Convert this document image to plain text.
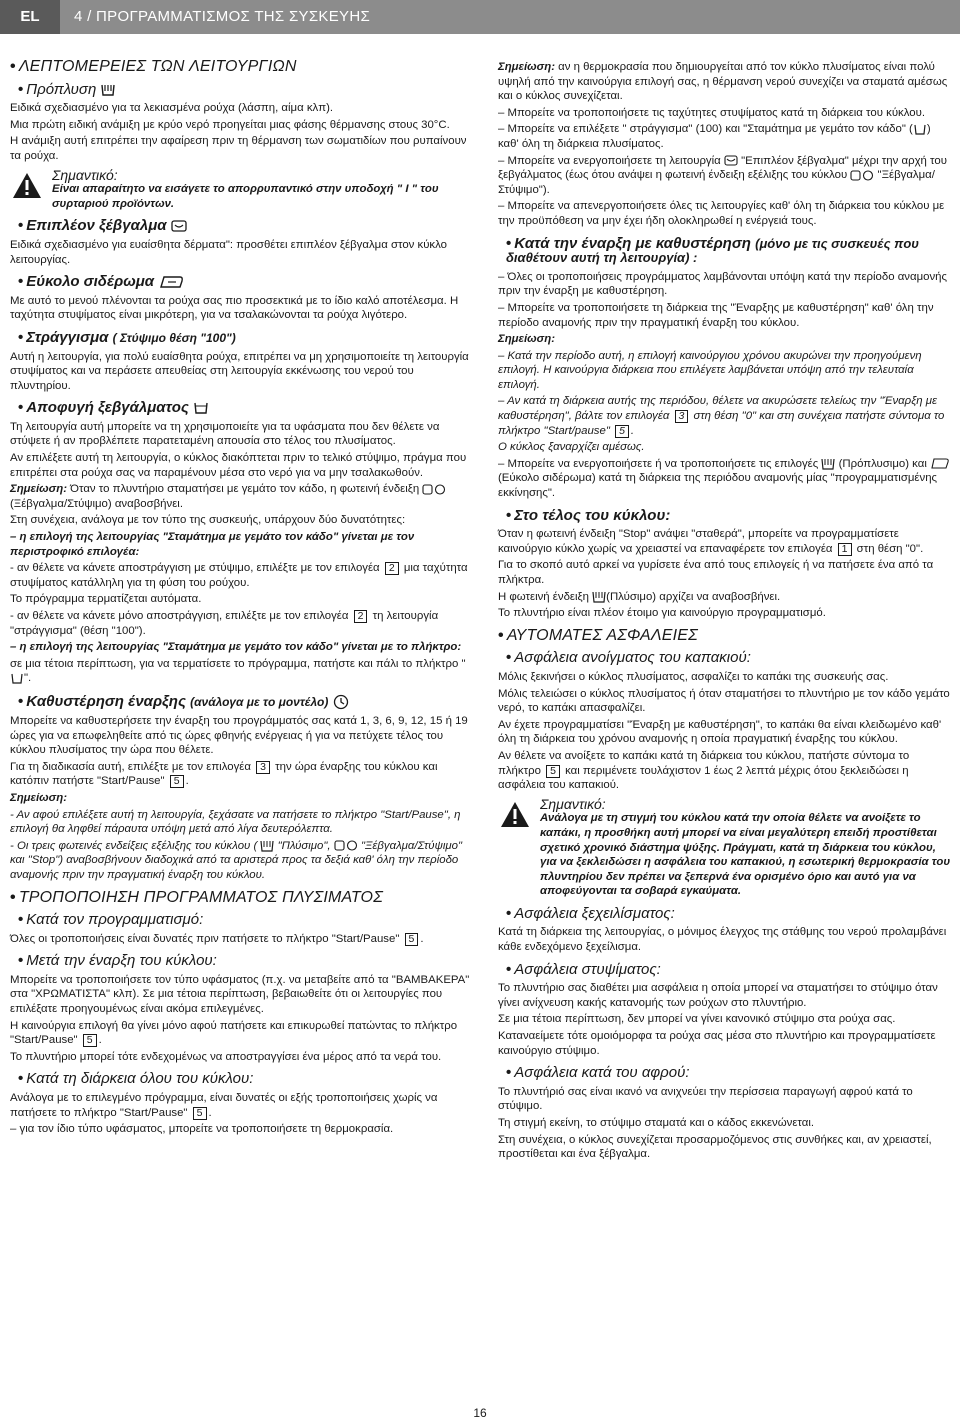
EL	4 / ΠΡΟΓΡΑΜΜΑΤΙΣΜΟΣ ΤΗΣ ΣΥΣΚΕΥΗΣ
• ΛΕΠΤΟΜΕΡΕΙΕΣ ΤΩΝ ΛΕΙΤΟΥΡΓΙΩΝ
• Πρόπλυση

Ειδικά σχεδιασμένο για τα λεκιασμένα ρούχα (λάσπη, αίμα κλπ).

Μια πρώτη ειδική ανάμιξη με κρύο νερό προηγείται μιας φάσης θέρμανσης στους 30°C.

Η ανάμιξη αυτή επιτρέπει την αφαίρεση πριν τη θέρμανση των σωματιδίων που ρυπαίνουν τα ρούχα.

Σημαντικό:
Είναι απαραίτητο να εισάγετε το απορρυπαντικό στην υποδοχή " I " του συρταριού προϊόντων.
• Επιπλέον ξέβγαλμα

Ειδικά σχεδιασμένο για ευαίσθητα δέρματα": προσθέτει επιπλέον ξέβγαλμα στον κύκλο λειτουργίας.

• Εύκολο σιδέρωμα

Με αυτό το μενού πλένονται τα ρούχα σας πιο προσεκτικά με το ίδιο καλό αποτέλεσμα. Η ταχύτητα στυψίματος είναι μικρότερη, για να τσαλακώνονται τα ρούχα λιγότερο.

• Στράγγισμα ( Στύψιμο θέση "100")

Αυτή η λειτουργία, για πολύ ευαίσθητα ρούχα, επιτρέπει να μη χρησιμοποιείτε τη λειτουργία στυψίματος και να περάσετε απευθείας στη λειτουργία εκκένωσης του νερού του πλυντηρίου.

• Αποφυγή ξεβγάλματος

Τη λειτουργία αυτή μπορείτε να τη χρησιμοποιείτε για τα υφάσματα που δεν θέλετε να στύψετε ή αν προβλέπετε παρατεταμένη απουσία στο τέλος του πλυσίματος.

Αν επιλέξετε αυτή τη λειτουργία, ο κύκλος διακόπτεται πριν το τελικό στύψιμο, πράγμα που επιτρέπει στα ρούχα σας να παραμένουν μέσα στο νερό για να μην τσαλακωθούν.

Σημείωση: Όταν το πλυντήριο σταματήσει με γεμάτο τον κάδο, η φωτεινή ένδειξη  (Ξέβγαλμα/Στύψιμο) αναβοσβήνει.

Στη συνέχεια, ανάλογα με τον τύπο της συσκευής, υπάρχουν δύο δυνατότητες:

– η επιλογή της λειτουργίας "Σταμάτημα με γεμάτο τον κάδο" γίνεται με τον περιστροφικό επιλογέα:

- αν θέλετε να κάνετε αποστράγγιση με στύψιμο, επιλέξτε με τον επιλογέα 2 μια ταχύτητα στυψίματος κατάλληλη για τη φύση του ρούχου.

Το πρόγραμμα τερματίζεται αυτόματα.

- αν θέλετε να κάνετε μόνο αποστράγγιση, επιλέξτε με τον επιλογέα 2 τη λειτουργία "στράγγισμα" (θέση "100").

– η επιλογή της λειτουργίας "Σταμάτημα με γεμάτο τον κάδο" γίνεται με το πλήκτρο:

σε μια τέτοια περίπτωση, για να τερματίσετε το πρόγραμμα, πατήστε και πάλι το πλήκτρο "".

• Καθυστέρηση έναρξης (ανάλογα με το μοντέλο)

Μπορείτε να καθυστερήσετε την έναρξη του προγράμματός σας κατά 1, 3, 6, 9, 12, 15 ή 19 ώρες για να επωφεληθείτε από τις ώρες φθηνής ενέργειας ή για να πετύχετε τέλος του κύκλου πλυσίματος την ώρα που θέλετε.

Για τη διαδικασία αυτή, επιλέξτε με τον επιλογέα 3 την ώρα έναρξης του κύκλου και κατόπιν πατήστε "Start/Pause" 5 .

Σημείωση:

- Αν αφού επιλέξετε αυτή τη λειτουργία, ξεχάσατε να πατήσετε το πλήκτρο "Start/Pause", η επιλογή θα ληφθεί πάραυτα υπόψη μετά από λίγα δευτερόλεπτα.

- Οι τρεις φωτεινές ενδείξεις εξέλιξης του κύκλου ( "Πλύσιμο",	"Ξέβγαλμα/Στύψιμο" και "Stop") αναβοσβήνουν διαδοχικά από τα αριστερά προς τα δεξιά καθ' όλη την περίοδο αναμονής πριν την πραγματική έναρξη του κύκλου.

• ΤΡΟΠΟΠΟΙΗΣΗ ΠΡΟΓΡΑΜΜΑΤΟΣ ΠΛΥΣΙΜΑΤΟΣ
• Κατά τον προγραμματισμό:

Όλες οι τροποποιήσεις είναι δυνατές πριν πατήσετε το πλήκτρο "Start/Pause" 5 .

• Μετά την έναρξη του κύκλου:

Μπορείτε να τροποποιήσετε τον τύπο υφάσματος (π.χ. να μεταβείτε από τα "ΒΑΜΒΑΚΕΡΑ" στα "ΧΡΩΜΑΤΙΣΤΑ" κλπ). Σε μια τέτοια περίπτωση, βεβαιωθείτε ότι οι λειτουργίες που επιλέξατε προηγουμένως είναι ακόμα επιλεγμένες.

Η καινούργια επιλογή θα γίνει μόνο αφού πατήσετε και επικυρωθεί πατώντας το πλήκτρο "Start/Pause" 5 .

Το πλυντήριο μπορεί τότε ενδεχομένως να αποστραγγίσει ένα μέρος από τα νερά του.

• Κατά τη διάρκεια όλου του κύκλου:

Ανάλογα με το επιλεγμένο πρόγραμμα, είναι δυνατές οι εξής τροποποιήσεις χωρίς να πατήσετε το πλήκτρο "Start/Pause" 5 .

– για τον ίδιο τύπο υφάσματος, μπορείτε να τροποποιήσετε τη θερμοκρασία.

Σημείωση: αν η θερμοκρασία που δημιουργείται από τον κύκλο πλυσίματος είναι πολύ υψηλή από την καινούργια επιλογή σας, η θέρμανση νερού συνεχίζει να σταματά αμέσως και ο κύκλος συνεχίζεται.

– Μπορείτε να τροποποιήσετε τις ταχύτητες στυψίματος κατά τη διάρκεια του κύκλου.

– Μπορείτε να επιλέξετε " στράγγισμα" (100) και "Σταμάτημα με γεμάτο τον κάδο" ( ) καθ' όλη τη διάρκεια πλυσίματος.

– Μπορείτε να ενεργοποιήσετε τη λειτουργία "Επιπλέον ξέβγαλμα" μέχρι την αρχή του ξεβγάλματος (έως ότου ανάψει η φωτεινή ένδειξη εξέλιξης του κύκλου	"Ξέβγαλμα/ Στύψιμο").

– Μπορείτε να απενεργοποιήσετε όλες τις λειτουργίες καθ' όλη τη διάρκεια του κύκλου με την προϋπόθεση να μην έχει ήδη ολοκληρωθεί η ενέργειά τους.

• Κατά την έναρξη με καθυστέρηση (μόνο με τις συσκευές που διαθέτουν αυτή τη λειτουργία) :

– Όλες οι τροποποιήσεις προγράμματος λαμβάνονται υπόψη κατά την περίοδο αναμονής πριν την έναρξη με καθυστέρηση.

– Μπορείτε να τροποποιήσετε τη διάρκεια της "Έναρξης με καθυστέρηση" καθ' όλη την περίοδο αναμονής πριν την πραγματική έναρξη του κύκλου.

Σημείωση:

– Κατά την περίοδο αυτή, η επιλογή καινούργιου χρόνου ακυρώνει την προηγούμενη επιλογή. Η καινούργια διάρκεια που επιλέγετε λαμβάνεται υπόψη από την τελευταία επιλογή.

– Αν κατά τη διάρκεια αυτής της περιόδου, θέλετε να ακυρώσετε τελείως την "Έναρξη με καθυστέρηση", βάλτε τον επιλογέα 3 στη θέση "0" και στη συνέχεια πατήστε σύντομα το πλήκτρο "Start/pause" 5 .

Ο κύκλος ξαναρχίζει αμέσως.

– Μπορείτε να ενεργοποιήσετε ή να τροποποιήσετε τις επιλογές (Πρόπλυσιμο) και  (Εύκολο σιδέρωμα) κατά τη διάρκεια της περιόδου αναμονής μίας "προγραμματισμένης εκκίνησης".

• Στο τέλος του κύκλου:

Όταν η φωτεινή ένδειξη "Stop" ανάψει "σταθερά", μπορείτε να προγραμματίσετε καινούργιο κύκλο χωρίς να χρειαστεί να επαναφέρετε τον επιλογέα 1 στη θέση "0".

Για το σκοπό αυτό αρκεί να γυρίσετε ένα από τους επιλογείς ή να πατήσετε ένα από τα πλήκτρα.

Η φωτεινή ένδειξη (Πλύσιμο) αρχίζει να αναβοσβήνει.

Το πλυντήριο είναι πλέον έτοιμο για καινούργιο προγραμματισμό.

• ΑΥΤΟΜΑΤΕΣ ΑΣΦΑΛΕΙΕΣ
• Ασφάλεια ανοίγματος του καπακιού:

Μόλις ξεκινήσει ο κύκλος πλυσίματος, ασφαλίζει το καπάκι της συσκευής σας.

Μόλις τελειώσει ο κύκλος πλυσίματος ή όταν σταματήσει το πλυντήριο με τον κάδο γεμάτο νερό, το καπάκι απασφαλίζει.

Αν έχετε προγραμματίσει "Έναρξη με καθυστέρηση", το καπάκι θα είναι κλειδωμένο καθ' όλη τη διάρκεια του χρόνου αναμονής η οποία πραγματική έναρξης του κύκλου.

Αν θέλετε να ανοίξετε το καπάκι κατά τη διάρκεια του κύκλου, πατήστε σύντομα το πλήκτρο 5 και περιμένετε τουλάχιστον 1 έως 2 λεπτά μέχρις ότου ξεκλειδώσει η ασφάλεια του καπακιού.

Σημαντικό:
Ανάλογα με τη στιγμή του κύκλου κατά την οποία θέλετε να ανοίξετε το καπάκι, η προσθήκη αυτή μπορεί να είναι μεγαλύτερη επειδή προστίθεται σχετικό χρονικό διάστημα ψύξης. Πράγματι, κατά τη διάρκεια του κύκλου, για να ξεκλειδώσει η ασφάλεια του καπακιού, η εσωτερική θερμοκρασία του πλυντηρίου δεν πρέπει να ξεπερνά ένα ορισμένο όριο και αυτό για να αποφεύγονται τα σοβαρά εγκαύματα.
• Ασφάλεια ξεχειλίσματος:

Κατά τη διάρκεια της λειτουργίας, ο μόνιμος έλεγχος της στάθμης του νερού προλαμβάνει κάθε ενδεχόμενο ξεχείλισμα.

• Ασφάλεια στυψίματος:

Το πλυντήριο σας διαθέτει μια ασφάλεια η οποία μπορεί να σταματήσει το στύψιμο όταν γίνει ανίχνευση κακής κατανομής των ρούχων στο πλυντήριο.

Σε μια τέτοια περίπτωση, δεν μπορεί να γίνει κανονικό στύψιμο στα ρούχα σας.

Καταναείμετε τότε ομοιόμορφα τα ρούχα σας μέσα στο πλυντήριο και προγραμματίσετε καινούργιο στύψιμο.

• Ασφάλεια κατά του αφρού:

Το πλυντήριό σας είναι ικανό να ανιχνεύει την περίσσεια παραγωγή αφρού κατά το στύψιμο.

Τη στιγμή εκείνη, το στύψιμο σταματά και ο κάδος εκκενώνεται.

Στη συνέχεια, ο κύκλος συνεχίζεται προσαρμοζόμενος στις συνθήκες και, αν χρειαστεί, προστίθεται και ένα ξέβγαλμα.

16
